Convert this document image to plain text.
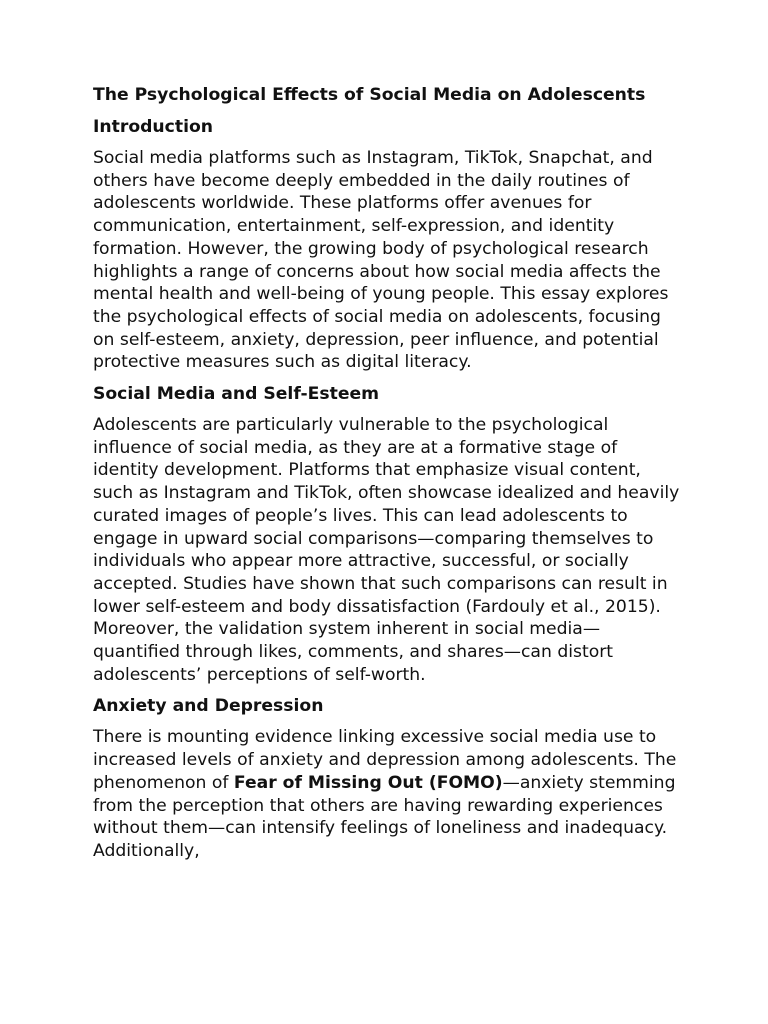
The Psychological Effects of Social Media on Adolescents

Introduction

Social media platforms such as Instagram, TikTok, Snapchat, and others have become deeply embedded in the daily routines of adolescents worldwide. These platforms offer avenues for communication, entertainment, self-expression, and identity formation. However, the growing body of psychological research highlights a range of concerns about how social media affects the mental health and well-being of young people. This essay explores the psychological effects of social media on adolescents, focusing on self-esteem, anxiety, depression, peer influence, and potential protective measures such as digital literacy.

Social Media and Self-Esteem

Adolescents are particularly vulnerable to the psychological influence of social media, as they are at a formative stage of identity development. Platforms that emphasize visual content, such as Instagram and TikTok, often showcase idealized and heavily curated images of people’s lives. This can lead adolescents to engage in upward social comparisons—comparing themselves to individuals who appear more attractive, successful, or socially accepted. Studies have shown that such comparisons can result in lower self-esteem and body dissatisfaction (Fardouly et al., 2015). Moreover, the validation system inherent in social media—quantified through likes, comments, and shares—can distort adolescents’ perceptions of self-worth.

Anxiety and Depression

There is mounting evidence linking excessive social media use to increased levels of anxiety and depression among adolescents. The phenomenon of Fear of Missing Out (FOMO)—anxiety stemming from the perception that others are having rewarding experiences without them—can intensify feelings of loneliness and inadequacy. Additionally,
